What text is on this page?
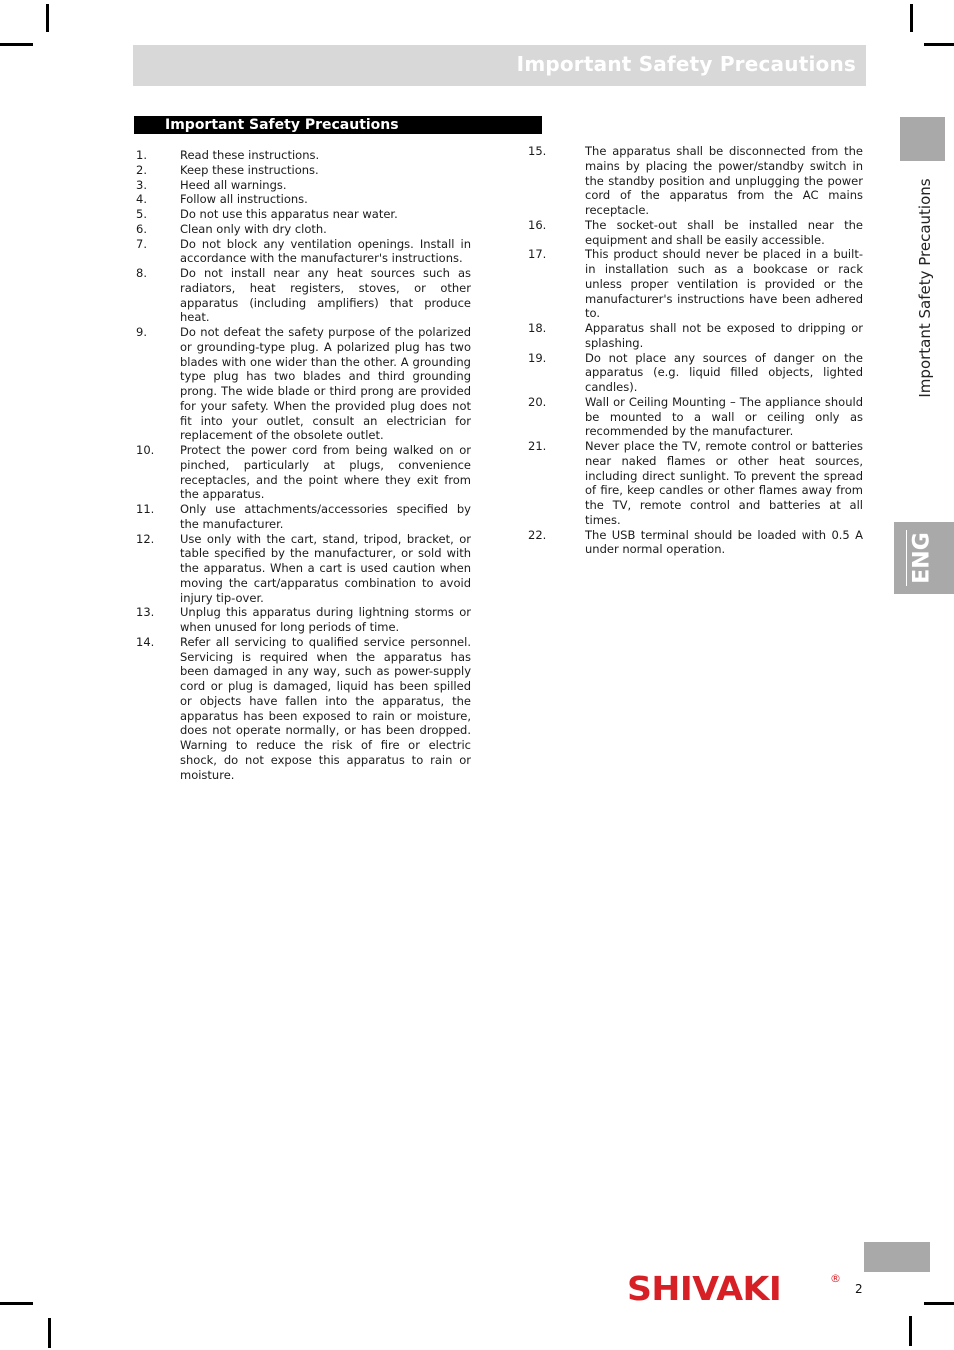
Important Safety Precautions
Important Safety Precautions
1.	Read these instructions.
2.	Keep these instructions.
3.	Heed all warnings.
4.	Follow all instructions.
5.	Do not use this apparatus near water.
6.	Clean only with dry cloth.
7.	Do not block any ventilation openings. Install in accordance with the manufacturer's instructions.
8.	Do not install near any heat sources such as radiators, heat registers, stoves, or other apparatus (including amplifiers) that produce heat.
9.	Do not defeat the safety purpose of the polarized or grounding-type plug. A polarized plug has two blades with one wider than the other. A grounding type plug has two blades and third grounding prong. The wide blade or third prong are provided for your safety. When the provided plug does not fit into your outlet, consult an electrician for replacement of the obsolete outlet.
10.	Protect the power cord from being walked on or pinched, particularly at plugs, convenience receptacles, and the point where they exit from the apparatus.
11.	Only use attachments/accessories specified by the manufacturer.
12.	Use only with the cart, stand, tripod, bracket, or table specified by the manufacturer, or sold with the apparatus. When a cart is used caution when moving the cart/apparatus combination to avoid injury tip-over.
13.	Unplug this apparatus during lightning storms or when unused for long periods of time.
14.	Refer all servicing to qualified service personnel. Servicing is required when the apparatus has been damaged in any way, such as power-supply cord or plug is damaged, liquid has been spilled or objects have fallen into the apparatus, the apparatus has been exposed to rain or moisture, does not operate normally, or has been dropped. Warning to reduce the risk of fire or electric shock, do not expose this apparatus to rain or moisture.
15.	The apparatus shall be disconnected from the mains by placing the power/standby switch in the standby position and unplugging the power cord of the apparatus from the AC mains receptacle.
16.	The socket-out shall be installed near the equipment and shall be easily accessible.
17.	This product should never be placed in a built-in installation such as a bookcase or rack unless proper ventilation is provided or the manufacturer's instructions have been adhered to.
18.	Apparatus shall not be exposed to dripping or splashing.
19.	Do not place any sources of danger on the apparatus (e.g. liquid filled objects, lighted candles).
20.	Wall or Ceiling Mounting – The appliance should be mounted to a wall or ceiling only as recommended by the manufacturer.
21.	Never place the TV, remote control or batteries near naked flames or other heat sources, including direct sunlight. To prevent the spread of fire, keep candles or other flames away from the TV, remote control and batteries at all times.
22.	The USB terminal should be loaded with 0.5 A under normal operation.
Important Safety Precautions
ENG
SHIVAKI	®
2
